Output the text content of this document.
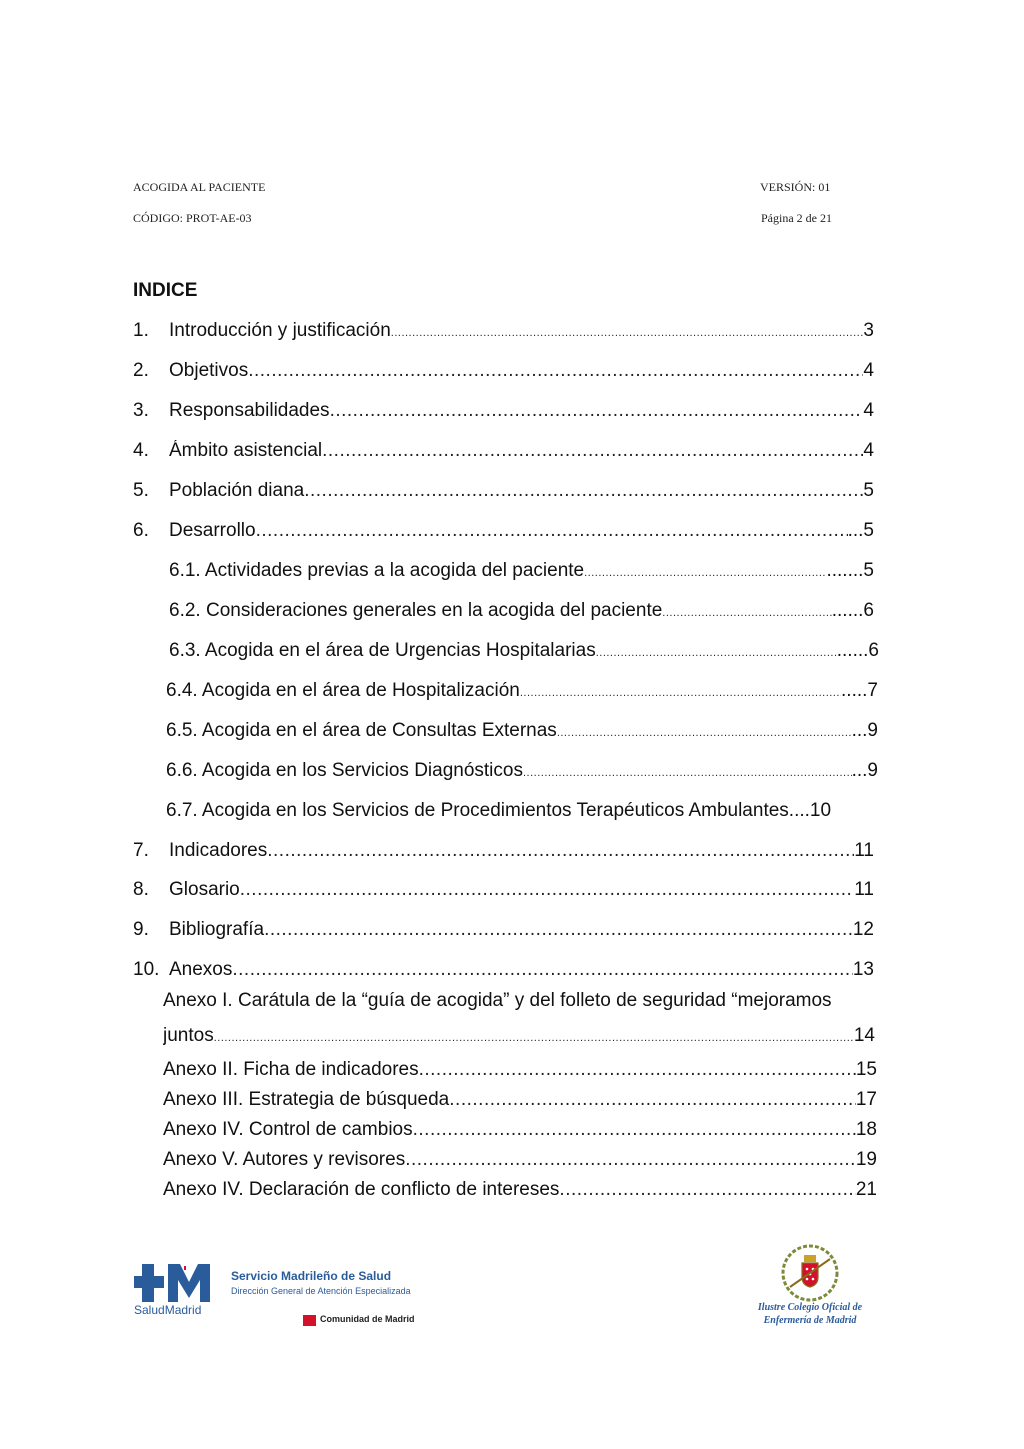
ACOGIDA AL PACIENTE	VERSIÓN: 01
CÓDIGO: PROT-AE-03	Página 2 de 21
INDICE
1.	Introducción y justificación .....	3
2.	Objetivos .....	4
3.	Responsabilidades .....	4
4.	Ámbito asistencial .....	4
5.	Población diana .....	5
6.	Desarrollo .....	...5
6.1. Actividades previas a la acogida del paciente .....	.......5
6.2. Consideraciones generales en la acogida del paciente .....	......6
6.3. Acogida en el área de Urgencias Hospitalarias .....	......6
6.4. Acogida en el área de Hospitalización .....	.....7
6.5. Acogida en el área de Consultas Externas .....	...9
6.6. Acogida en los Servicios Diagnósticos .....	...9
6.7. Acogida en los Servicios de Procedimientos Terapéuticos Ambulantes ....10
7.	Indicadores .....	11
8.	Glosario .....	11
9.	Bibliografía .....	12
10. Anexos .....	13
Anexo I. Carátula de la “guía de acogida” y del folleto de seguridad “mejoramos
juntos .....	14
Anexo II. Ficha de indicadores .....	15
Anexo III. Estrategia de búsqueda .....	17
Anexo IV. Control de cambios .....	18
Anexo V. Autores y revisores .....	19
Anexo IV. Declaración de conflicto de intereses .....	21
Servicio Madrileño de Salud
Dirección General de Atención Especializada
SaludMadrid
Comunidad de Madrid
Ilustre Colegio Oficial de
Enfermería de Madrid
